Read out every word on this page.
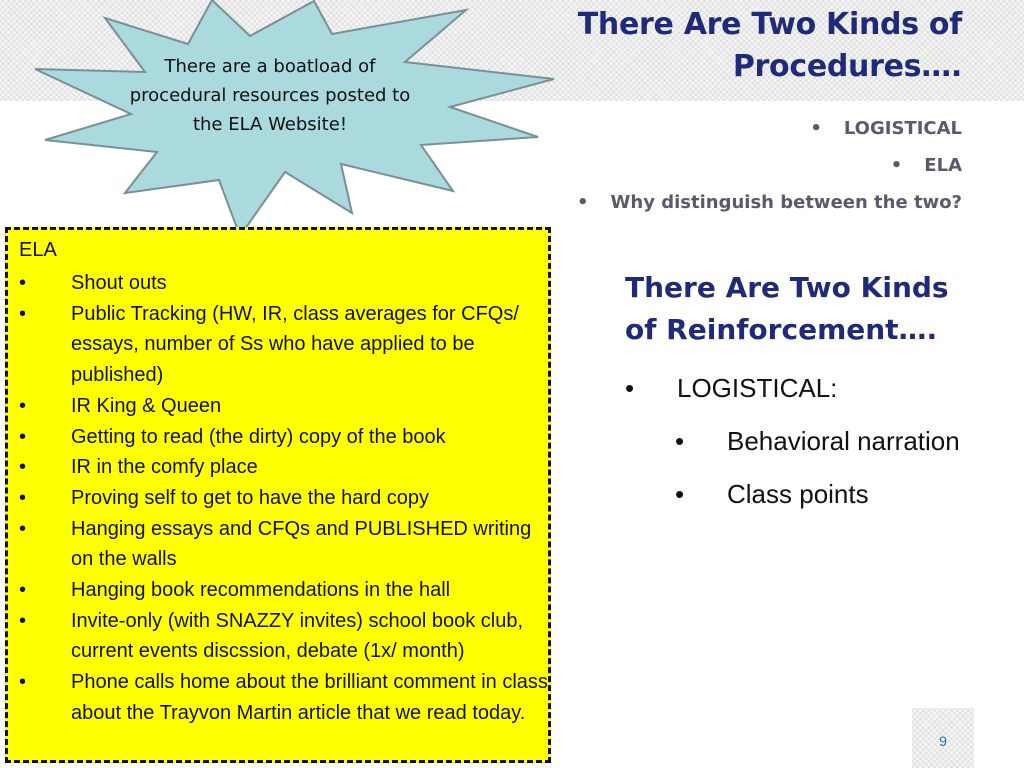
There Are Two Kinds of Procedures….
• LOGISTICAL
• ELA
• Why distinguish between the two?
There are a boatload of procedural resources posted to the ELA Website!
ELA
• Shout outs
• Public Tracking (HW, IR, class averages for CFQs/ essays, number of Ss who have applied to be published)
• IR King & Queen
• Getting to read (the dirty) copy of the book
• IR in the comfy place
• Proving self to get to have the hard copy
• Hanging essays and CFQs and PUBLISHED writing on the walls
• Hanging book recommendations in the hall
• Invite-only (with SNAZZY invites) school book club, current events discssion, debate (1x/ month)
• Phone calls home about the brilliant comment in class about the Trayvon Martin article that we read today.
There Are Two Kinds of Reinforcement….
• LOGISTICAL:
• Behavioral narration
• Class points
9
